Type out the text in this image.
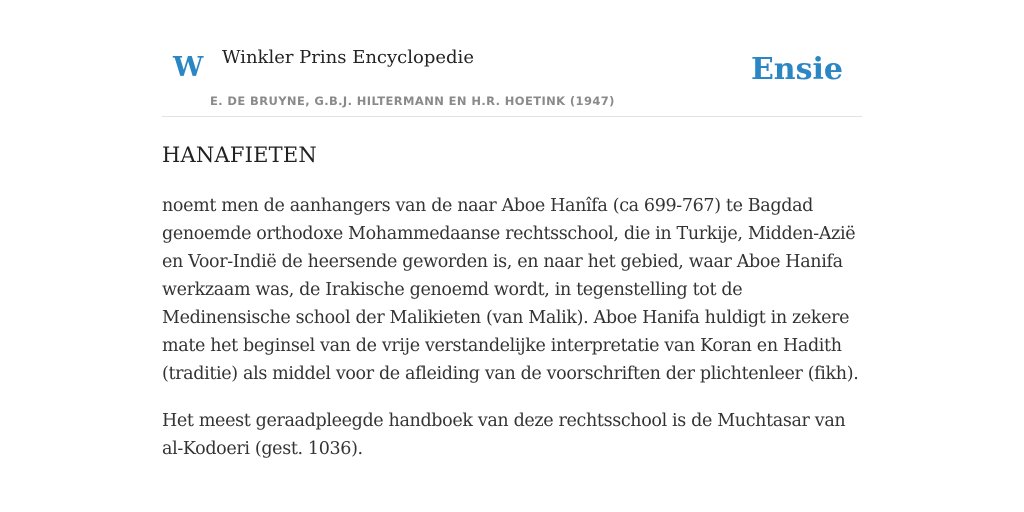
W Winkler Prins Encyclopedie
E. DE BRUYNE, G.B.J. HILTERMANN EN H.R. HOETINK (1947)
Ensie
HANAFIETEN

noemt men de aanhangers van de naar Aboe Hanîfa (ca 699-767) te Bagdad genoemde orthodoxe Mohammedaanse rechtsschool, die in Turkije, Midden-Azië en Voor-Indië de heersende geworden is, en naar het gebied, waar Aboe Hanifa werkzaam was, de Irakische genoemd wordt, in tegenstelling tot de Medinensische school der Malikieten (van Malik). Aboe Hanifa huldigt in zekere mate het beginsel van de vrije verstandelijke interpretatie van Koran en Hadith (traditie) als middel voor de afleiding van de voorschriften der plichtenleer (fikh).

Het meest geraadpleegde handboek van deze rechtsschool is de Muchtasar van al-Kodoeri (gest. 1036).
